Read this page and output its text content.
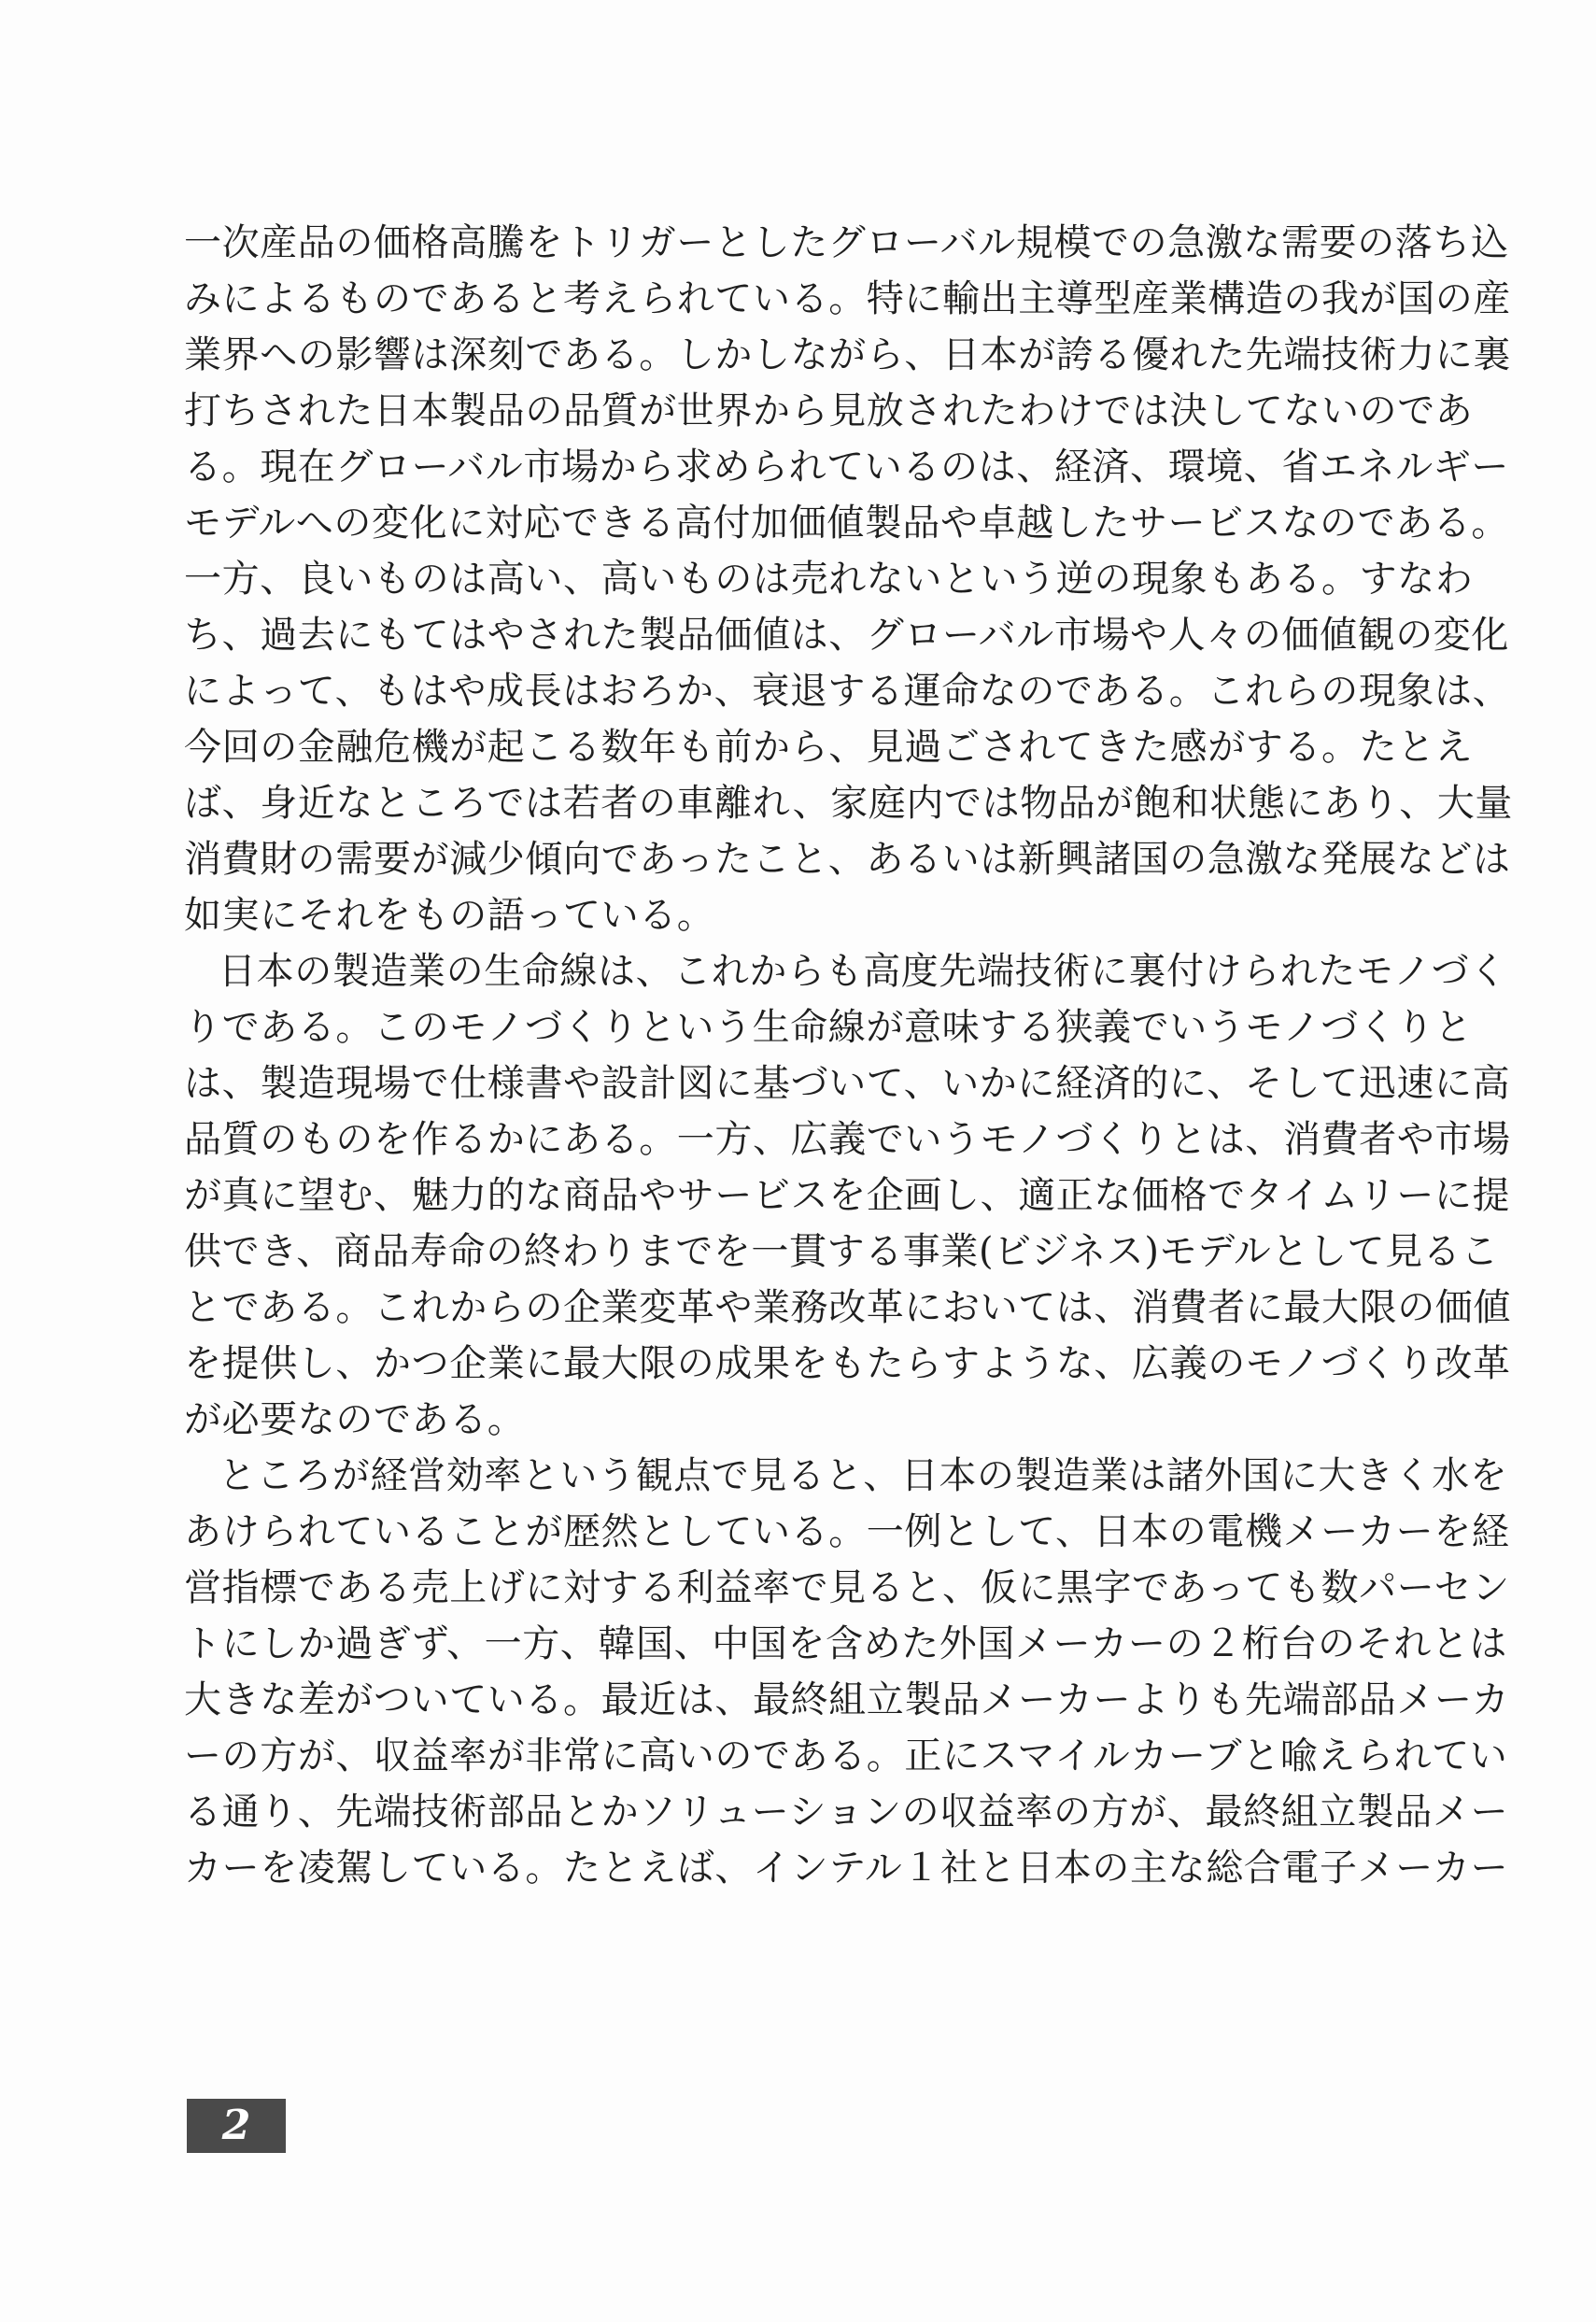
一次産品の価格高騰をトリガーとしたグローバル規模での急激な需要の落ち込
みによるものであると考えられている。特に輸出主導型産業構造の我が国の産
業界への影響は深刻である。しかしながら、日本が誇る優れた先端技術力に裏
打ちされた日本製品の品質が世界から見放されたわけでは決してないのであ
る。現在グローバル市場から求められているのは、経済、環境、省エネルギー
モデルへの変化に対応できる高付加価値製品や卓越したサービスなのである。
一方、良いものは高い、高いものは売れないという逆の現象もある。すなわ
ち、過去にもてはやされた製品価値は、グローバル市場や人々の価値観の変化
によって、もはや成長はおろか、衰退する運命なのである。これらの現象は、
今回の金融危機が起こる数年も前から、見過ごされてきた感がする。たとえ
ば、身近なところでは若者の車離れ、家庭内では物品が飽和状態にあり、大量
消費財の需要が減少傾向であったこと、あるいは新興諸国の急激な発展などは
如実にそれをもの語っている。
日本の製造業の生命線は、これからも高度先端技術に裏付けられたモノづく
りである。このモノづくりという生命線が意味する狭義でいうモノづくりと
は、製造現場で仕様書や設計図に基づいて、いかに経済的に、そして迅速に高
品質のものを作るかにある。一方、広義でいうモノづくりとは、消費者や市場
が真に望む、魅力的な商品やサービスを企画し、適正な価格でタイムリーに提
供でき、商品寿命の終わりまでを一貫する事業(ビジネス)モデルとして見るこ
とである。これからの企業変革や業務改革においては、消費者に最大限の価値
を提供し、かつ企業に最大限の成果をもたらすような、広義のモノづくり改革
が必要なのである。
ところが経営効率という観点で見ると、日本の製造業は諸外国に大きく水を
あけられていることが歴然としている。一例として、日本の電機メーカーを経
営指標である売上げに対する利益率で見ると、仮に黒字であっても数パーセン
トにしか過ぎず、一方、韓国、中国を含めた外国メーカーの２桁台のそれとは
大きな差がついている。最近は、最終組立製品メーカーよりも先端部品メーカ
ーの方が、収益率が非常に高いのである。正にスマイルカーブと喩えられてい
る通り、先端技術部品とかソリューションの収益率の方が、最終組立製品メー
カーを凌駕している。たとえば、インテル１社と日本の主な総合電子メーカー
2
